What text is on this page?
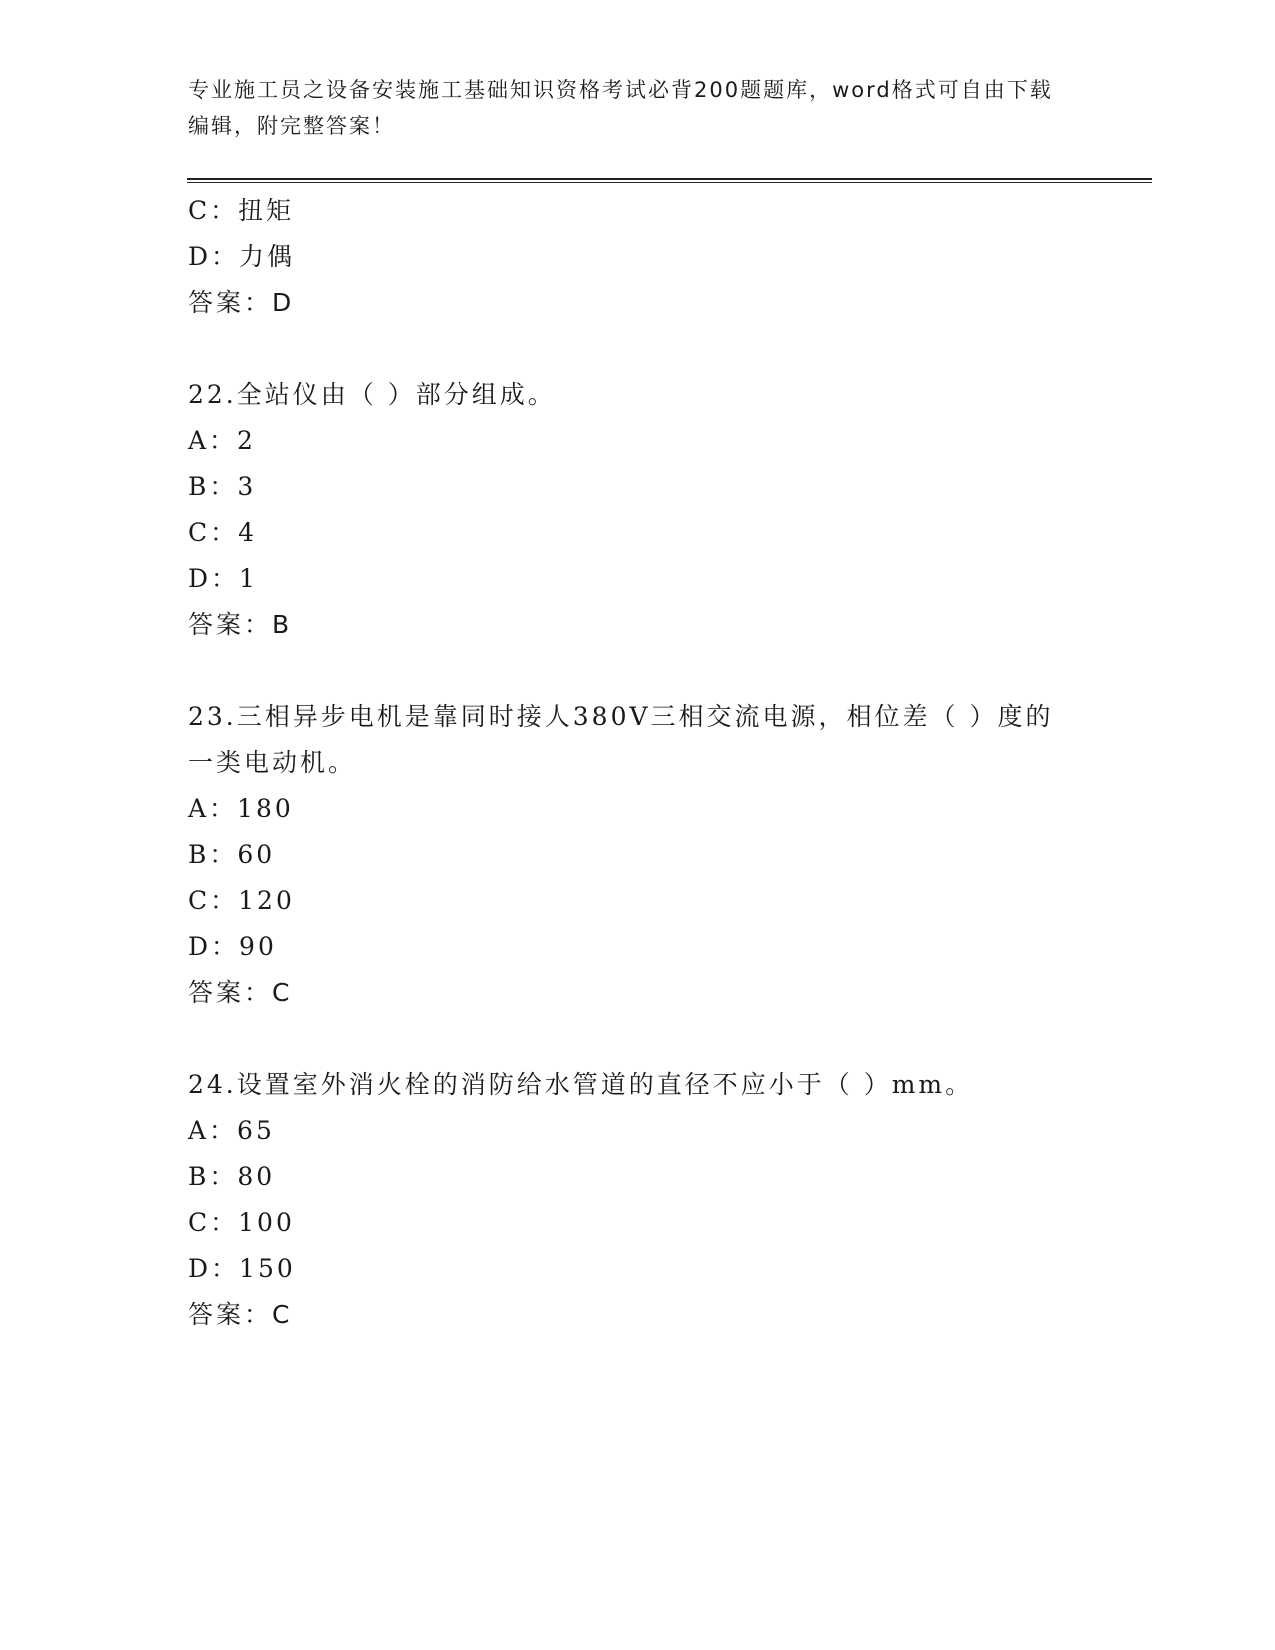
专业施工员之设备安装施工基础知识资格考试必背200题题库，word格式可自由下载编辑，附完整答案！
C：扭矩
D：力偶
答案：D
22.全站仪由（ ）部分组成。
A：2
B：3
C：4
D：1
答案：B
23.三相异步电机是靠同时接人380V三相交流电源，相位差（ ）度的一类电动机。
A：180
B：60
C：120
D：90
答案：C
24.设置室外消火栓的消防给水管道的直径不应小于（ ）mm。
A：65
B：80
C：100
D：150
答案：C
